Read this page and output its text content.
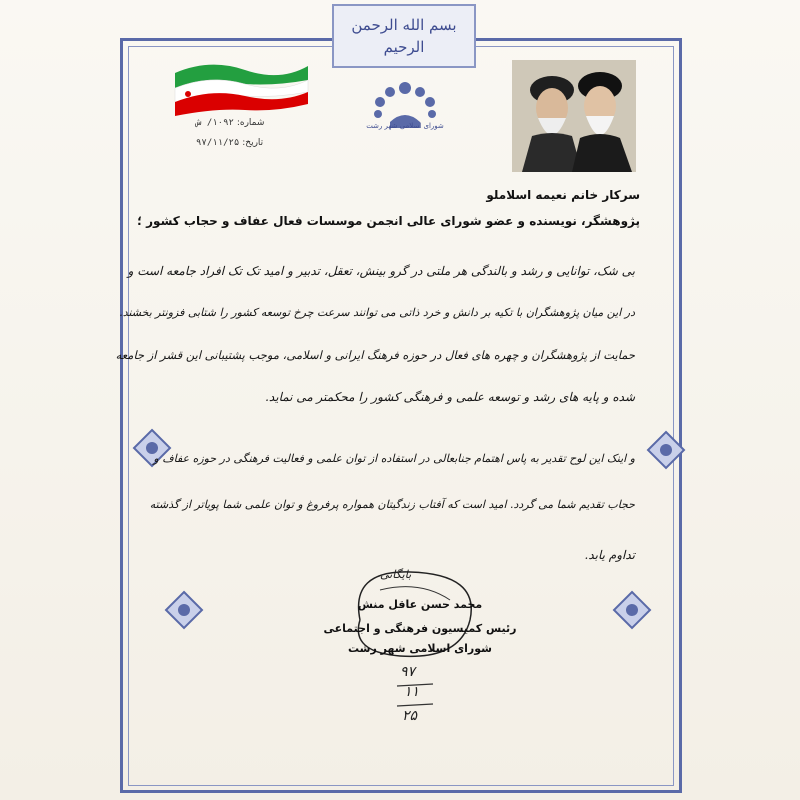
بسم الله الرحمن الرحیم
شورای اسلامی شهر رشت
شماره: ۱۰۹۲/ ش
تاریخ: ۹۷/۱۱/۲۵
سرکار خانم نعیمه اسلاملو
پژوهشگر، نویسنده و عضو شورای عالی انجمن موسسات فعال عفاف و حجاب کشور ؛
بی شک، توانایی و رشد و بالندگی هر ملتی در گرو بینش، تعقل، تدبیر و امید تک تک افراد جامعه است و
در این میان پژوهشگران با تکیه بر دانش و خرد ذاتی می توانند سرعت چرخ توسعه کشور را شتابی فزونتر بخشند.
حمایت از پژوهشگران و چهره های فعال در حوزه فرهنگ ایرانی و اسلامی، موجب پشتیبانی این قشر از جامعه
شده و پایه های رشد و توسعه علمی و فرهنگی کشور را محکمتر می نماید.
و اینک این لوح تقدیر به پاس اهتمام جنابعالی در استفاده از توان علمی و فعالیت فرهنگی در حوزه عفاف و
حجاب تقدیم شما می گردد. امید است که آفتاب زندگیتان همواره پرفروغ و توان علمی شما پویاتر از گذشته
تداوم یابد.
بایگانی
محمد حسن عاقل منش
رئیس کمیسیون فرهنگی و اجتماعی
شورای اسلامی شهر رشت
۹۷
۱۱
۲۵
